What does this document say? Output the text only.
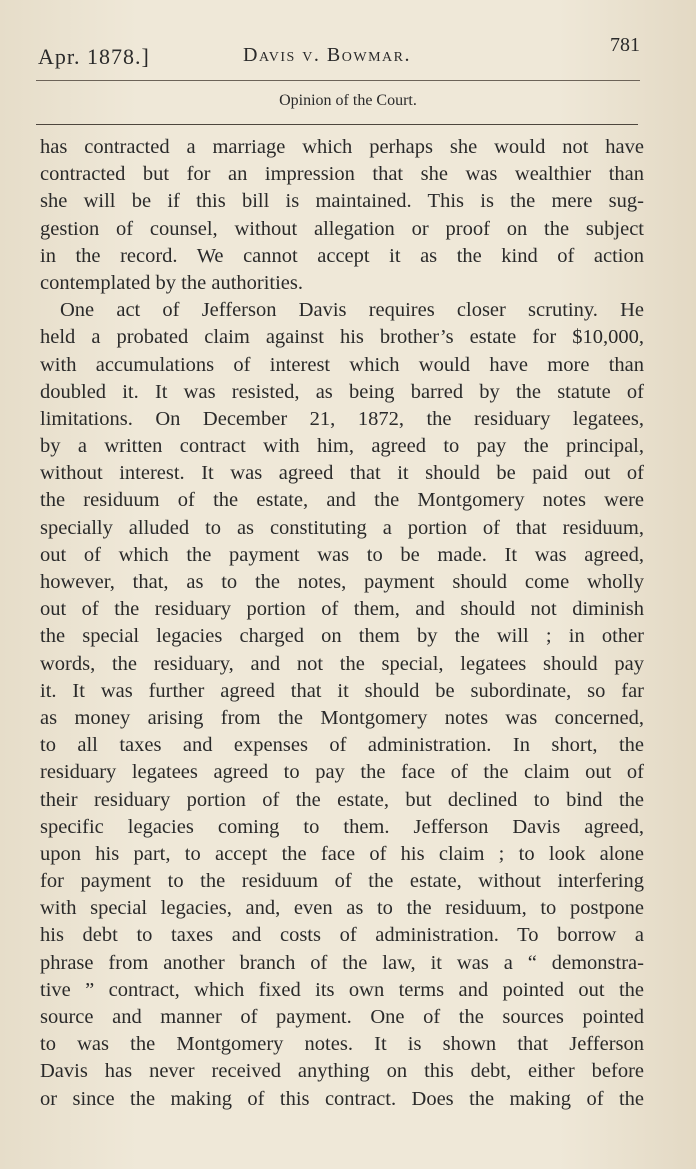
Apr. 1878.]	Davis v. Bowmar.	781
Opinion of the Court.
has contracted a marriage which perhaps she would not have
contracted but for an impression that she was wealthier than
she will be if this bill is maintained. This is the mere sug-
gestion of counsel, without allegation or proof on the subject
in the record. We cannot accept it as the kind of action
contemplated by the authorities.
One act of Jefferson Davis requires closer scrutiny. He
held a probated claim against his brother’s estate for $10,000,
with accumulations of interest which would have more than
doubled it. It was resisted, as being barred by the statute of
limitations. On December 21, 1872, the residuary legatees,
by a written contract with him, agreed to pay the principal,
without interest. It was agreed that it should be paid out of
the residuum of the estate, and the Montgomery notes were
specially alluded to as constituting a portion of that residuum,
out of which the payment was to be made. It was agreed,
however, that, as to the notes, payment should come wholly
out of the residuary portion of them, and should not diminish
the special legacies charged on them by the will ; in other
words, the residuary, and not the special, legatees should pay
it. It was further agreed that it should be subordinate, so far
as money arising from the Montgomery notes was concerned,
to all taxes and expenses of administration. In short, the
residuary legatees agreed to pay the face of the claim out of
their residuary portion of the estate, but declined to bind the
specific legacies coming to them. Jefferson Davis agreed,
upon his part, to accept the face of his claim ; to look alone
for payment to the residuum of the estate, without interfering
with special legacies, and, even as to the residuum, to postpone
his debt to taxes and costs of administration. To borrow a
phrase from another branch of the law, it was a “ demonstra-
tive ” contract, which fixed its own terms and pointed out the
source and manner of payment. One of the sources pointed
to was the Montgomery notes. It is shown that Jefferson
Davis has never received anything on this debt, either before
or since the making of this contract. Does the making of the
